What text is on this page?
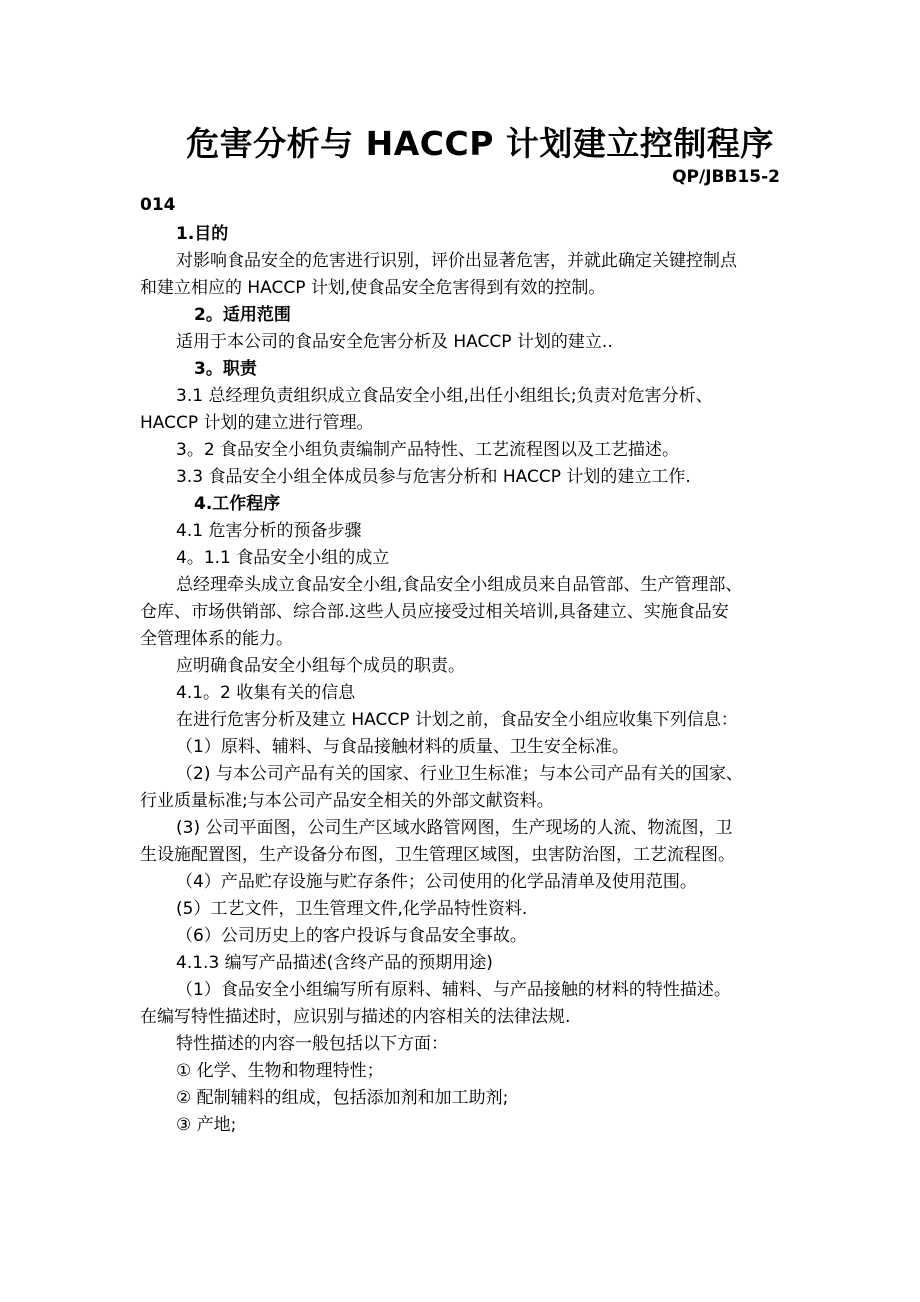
危害分析与 HACCP 计划建立控制程序
QP/JBB15-2
014
1.目的
对影响食品安全的危害进行识别，评价出显著危害，并就此确定关键控制点
和建立相应的 HACCP 计划,使食品安全危害得到有效的控制。
2。适用范围
适用于本公司的食品安全危害分析及 HACCP 计划的建立..
3。职责
3.1 总经理负责组织成立食品安全小组,出任小组组长;负责对危害分析、
HACCP 计划的建立进行管理。
3。2 食品安全小组负责编制产品特性、工艺流程图以及工艺描述。
3.3 食品安全小组全体成员参与危害分析和 HACCP 计划的建立工作.
4.工作程序
4.1 危害分析的预备步骤
4。1.1 食品安全小组的成立
总经理牵头成立食品安全小组,食品安全小组成员来自品管部、生产管理部、
仓库、市场供销部、综合部.这些人员应接受过相关培训,具备建立、实施食品安
全管理体系的能力。
应明确食品安全小组每个成员的职责。
4.1。2 收集有关的信息
在进行危害分析及建立 HACCP 计划之前，食品安全小组应收集下列信息：
（1）原料、辅料、与食品接触材料的质量、卫生安全标准。
（2) 与本公司产品有关的国家、行业卫生标准；与本公司产品有关的国家、
行业质量标准;与本公司产品安全相关的外部文献资料。
(3) 公司平面图，公司生产区域水路管网图，生产现场的人流、物流图，卫
生设施配置图，生产设备分布图，卫生管理区域图，虫害防治图，工艺流程图。
（4）产品贮存设施与贮存条件；公司使用的化学品清单及使用范围。
(5）工艺文件，卫生管理文件,化学品特性资料.
（6）公司历史上的客户投诉与食品安全事故。
4.1.3 编写产品描述(含终产品的预期用途)
（1）食品安全小组编写所有原料、辅料、与产品接触的材料的特性描述。
在编写特性描述时，应识别与描述的内容相关的法律法规.
特性描述的内容一般包括以下方面：
① 化学、生物和物理特性；
② 配制辅料的组成，包括添加剂和加工助剂;
③ 产地;
